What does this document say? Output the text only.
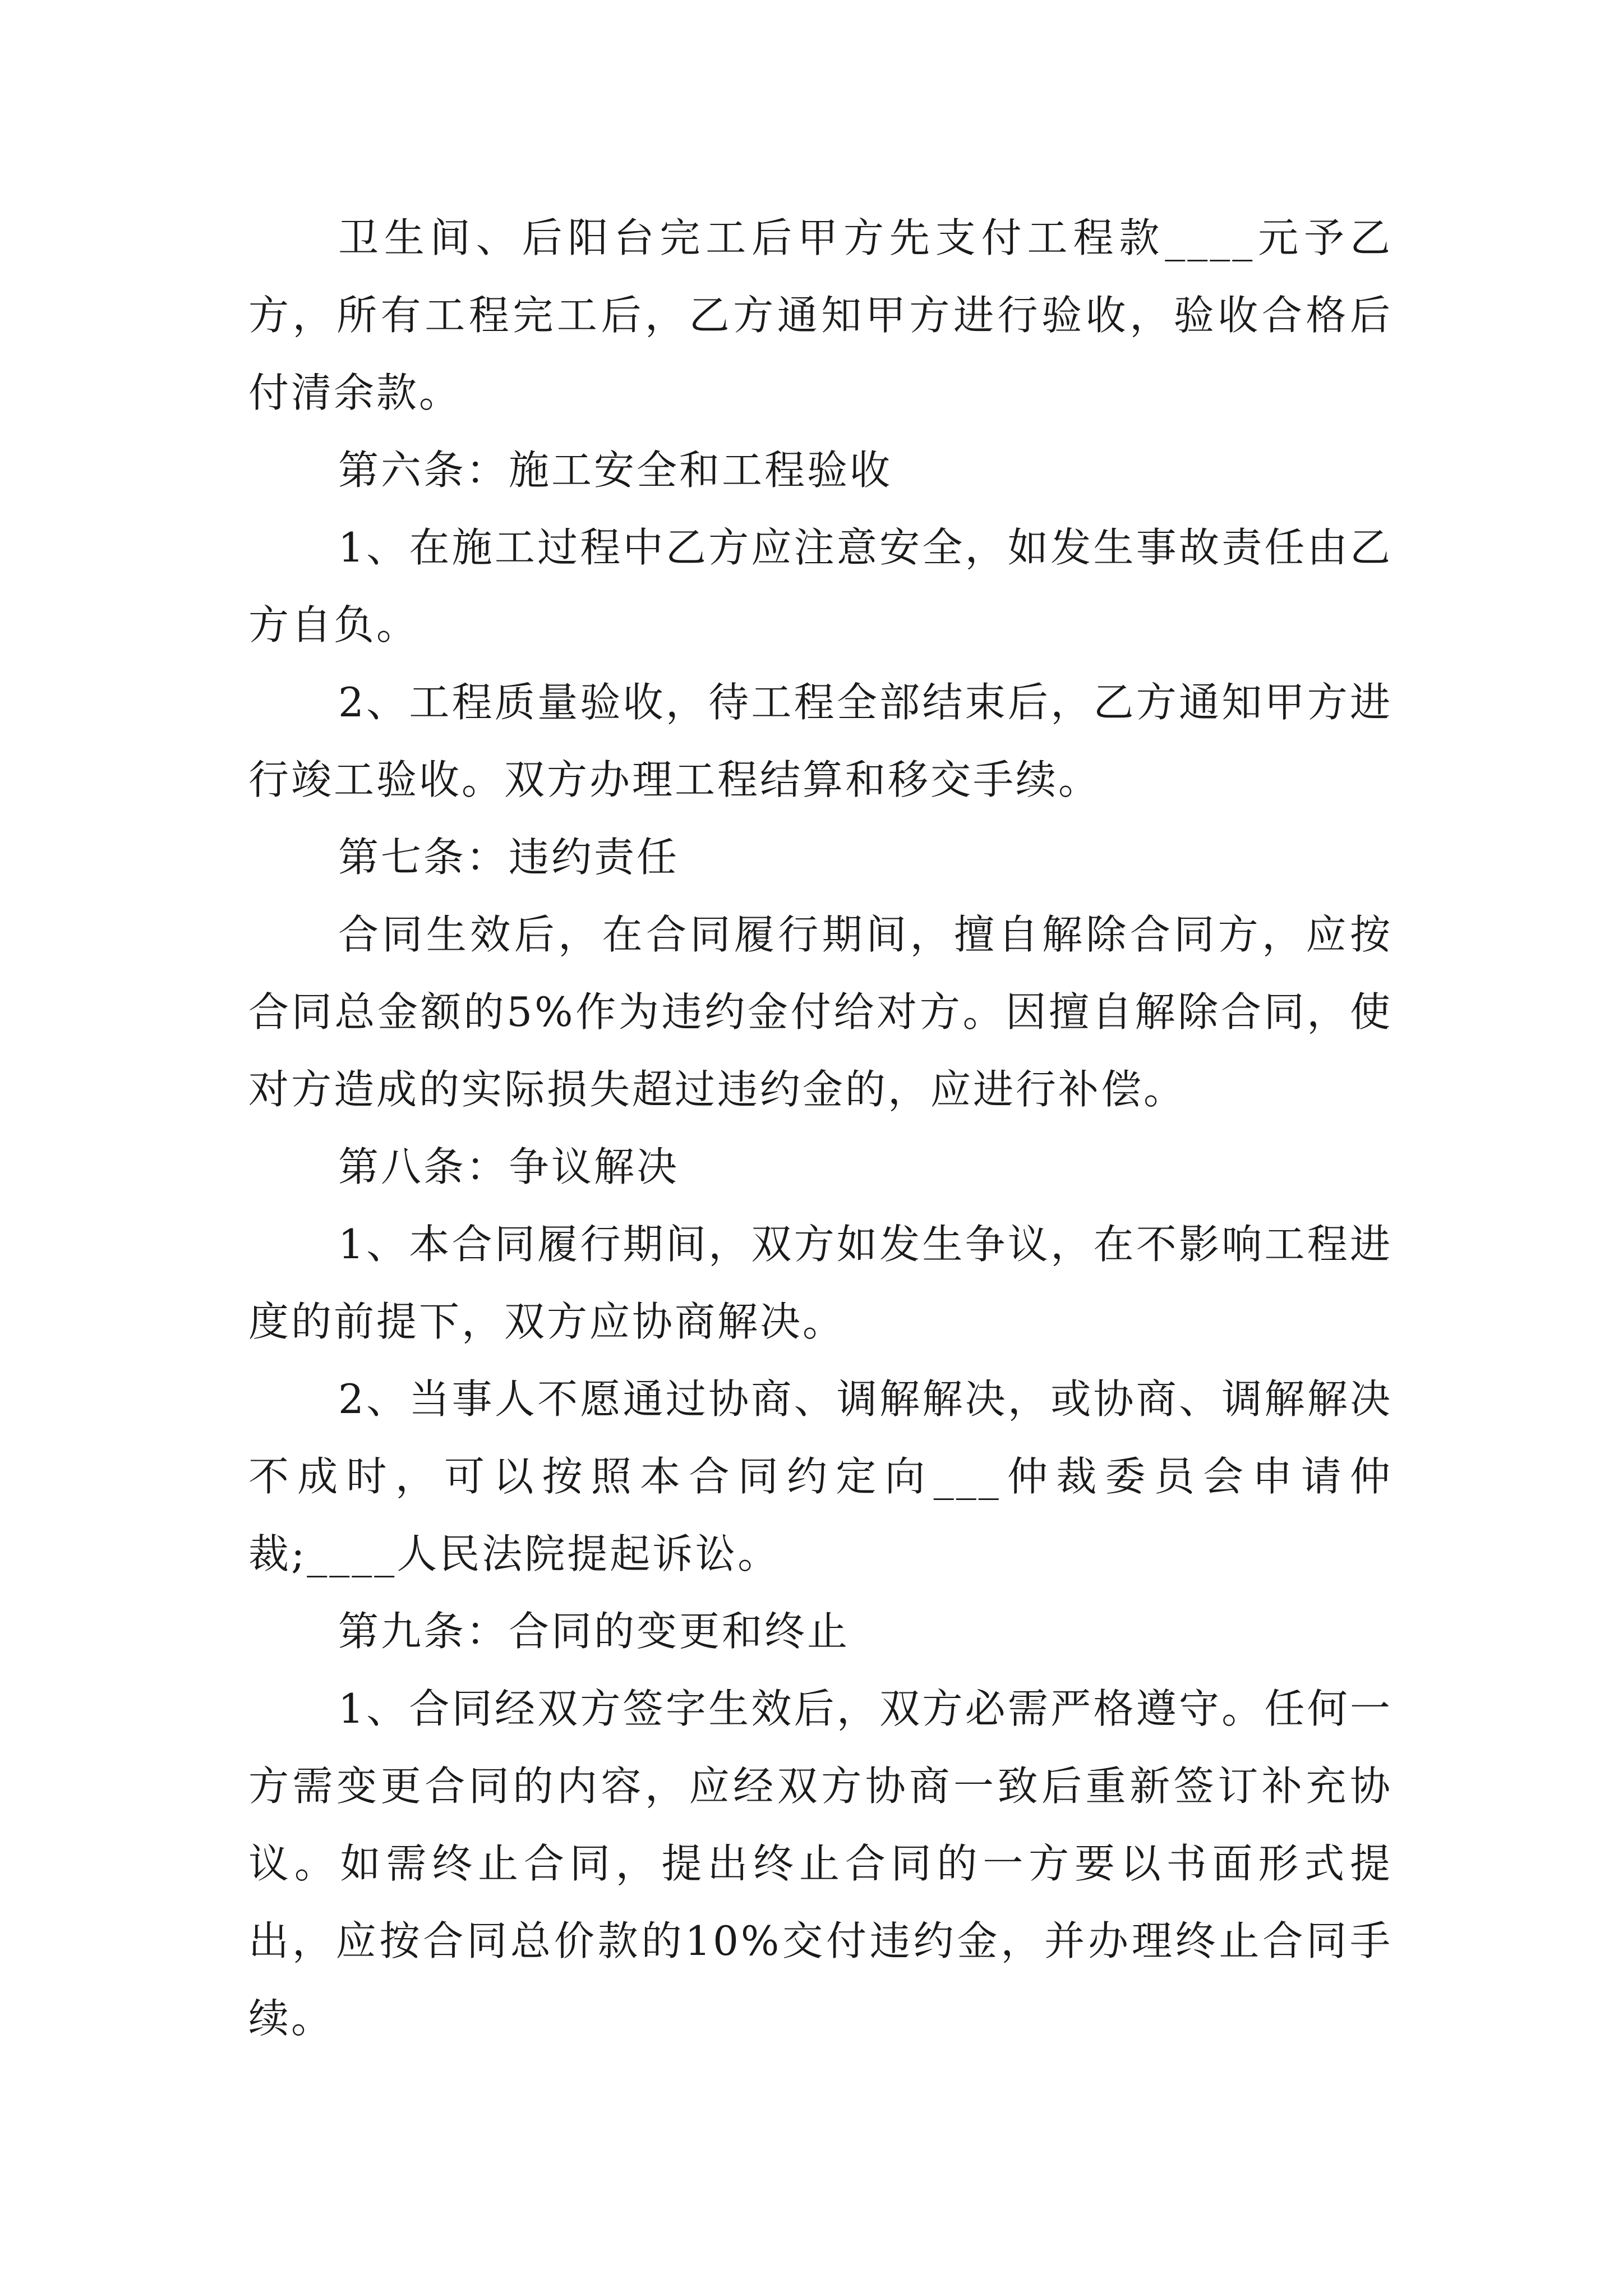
卫生间、后阳台完工后甲方先支付工程款____元予乙方，所有工程完工后，乙方通知甲方进行验收，验收合格后付清余款。

第六条：施工安全和工程验收

1、在施工过程中乙方应注意安全，如发生事故责任由乙方自负。

2、工程质量验收，待工程全部结束后，乙方通知甲方进行竣工验收。双方办理工程结算和移交手续。

第七条：违约责任

合同生效后，在合同履行期间，擅自解除合同方，应按合同总金额的5%作为违约金付给对方。因擅自解除合同，使对方造成的实际损失超过违约金的，应进行补偿。

第八条：争议解决

1、本合同履行期间，双方如发生争议，在不影响工程进度的前提下，双方应协商解决。

2、当事人不愿通过协商、调解解决，或协商、调解解决不成时，可以按照本合同约定向___仲裁委员会申请仲裁;____人民法院提起诉讼。

第九条：合同的变更和终止

1、合同经双方签字生效后，双方必需严格遵守。任何一方需变更合同的内容，应经双方协商一致后重新签订补充协议。如需终止合同，提出终止合同的一方要以书面形式提出，应按合同总价款的10%交付违约金，并办理终止合同手续。
